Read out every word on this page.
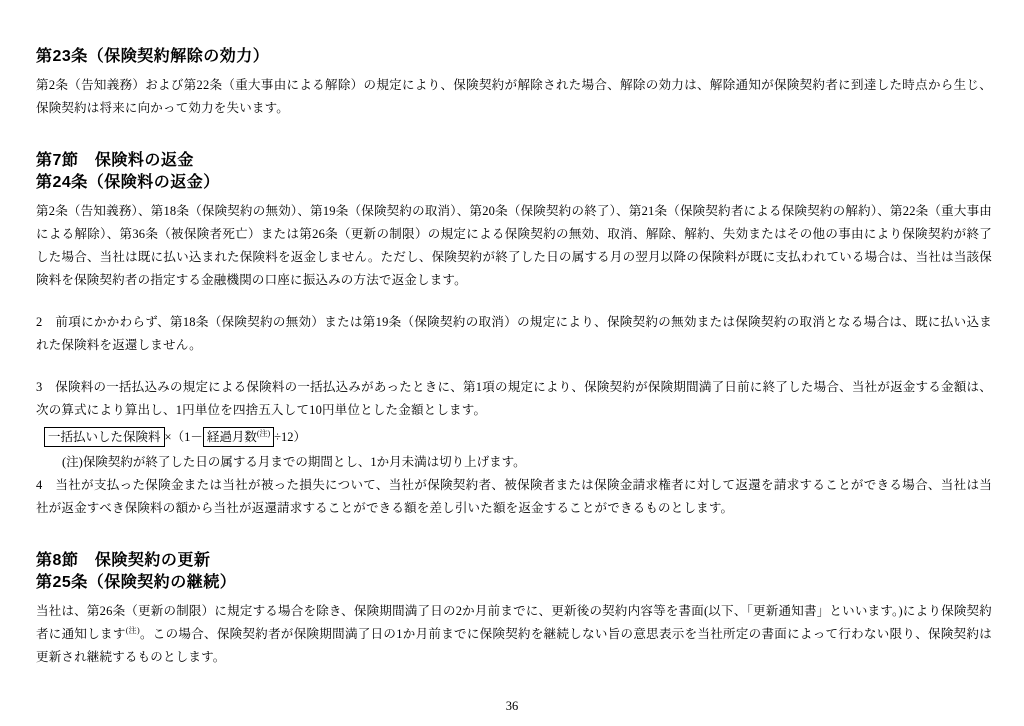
第23条（保険契約解除の効力）

第2条（告知義務）および第22条（重大事由による解除）の規定により、保険契約が解除された場合、解除の効力は、解除通知が保険契約者に到達した時点から生じ、保険契約は将来に向かって効力を失います。

第7節　保険料の返金
第24条（保険料の返金）

第2条（告知義務）、第18条（保険契約の無効）、第19条（保険契約の取消）、第20条（保険契約の終了）、第21条（保険契約者による保険契約の解約）、第22条（重大事由による解除）、第36条（被保険者死亡）または第26条（更新の制限）の規定による保険契約の無効、取消、解除、解約、失効またはその他の事由により保険契約が終了した場合、当社は既に払い込まれた保険料を返金しません。ただし、保険契約が終了した日の属する月の翌月以降の保険料が既に支払われている場合は、当社は当該保険料を保険契約者の指定する金融機関の口座に振込みの方法で返金します。

2　前項にかかわらず、第18条（保険契約の無効）または第19条（保険契約の取消）の規定により、保険契約の無効または保険契約の取消となる場合は、既に払い込まれた保険料を返還しません。

3　保険料の一括払込みの規定による保険料の一括払込みがあったときに、第1項の規定により、保険契約が保険期間満了日前に終了した場合、当社が返金する金額は、次の算式により算出し、1円単位を四捨五入して10円単位とした金額とします。

一括払いした保険料 ×（1－ 経過月数$^{(注)}$ ÷12）

(注)保険契約が終了した日の属する月までの期間とし、1か月未満は切り上げます。

4　当社が支払った保険金または当社が被った損失について、当社が保険契約者、被保険者または保険金請求権者に対して返還を請求することができる場合、当社は当社が返金すべき保険料の額から当社が返還請求することができる額を差し引いた額を返金することができるものとします。

第8節　保険契約の更新
第25条（保険契約の継続）

当社は、第26条（更新の制限）に規定する場合を除き、保険期間満了日の2か月前までに、更新後の契約内容等を書面(以下、「更新通知書」といいます。)により保険契約者に通知します$^{(注)}$。この場合、保険契約者が保険期間満了日の1か月前までに保険契約を継続しない旨の意思表示を当社所定の書面によって行わない限り、保険契約は更新され継続するものとします。

36
